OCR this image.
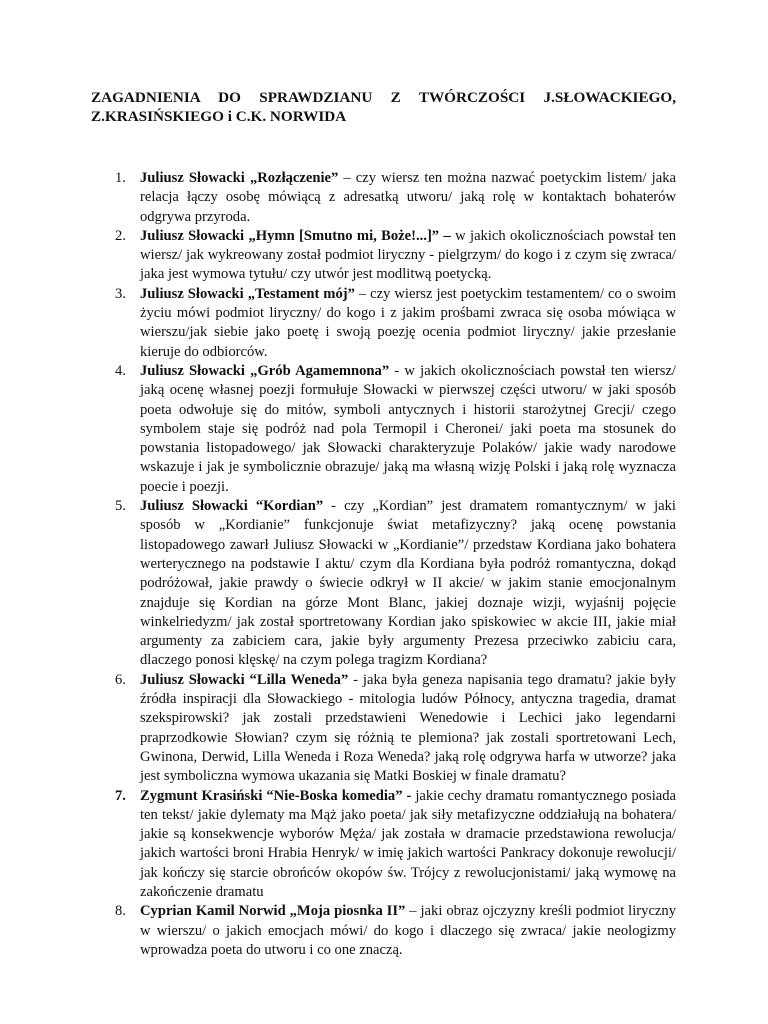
ZAGADNIENIA DO SPRAWDZIANU Z TWÓRCZOŚCI J.SŁOWACKIEGO,
Z.KRASIŃSKIEGO i C.K. NORWIDA
1. Juliusz Słowacki „Rozłączenie” – czy wiersz ten można nazwać poetyckim listem/ jaka relacja łączy osobę mówiącą z adresatką utworu/ jaką rolę w kontaktach bohaterów odgrywa przyroda.
2. Juliusz Słowacki „Hymn [Smutno mi, Boże!...]” – w jakich okolicznościach powstał ten wiersz/ jak wykreowany został podmiot liryczny - pielgrzym/ do kogo i z czym się zwraca/ jaka jest wymowa tytułu/ czy utwór jest modlitwą poetycką.
3. Juliusz Słowacki „Testament mój” – czy wiersz jest poetyckim testamentem/ co o swoim życiu mówi podmiot liryczny/ do kogo i z jakim prośbami zwraca się osoba mówiąca w wierszu/jak siebie jako poetę i swoją poezję ocenia podmiot liryczny/ jakie przesłanie kieruje do odbiorców.
4. Juliusz Słowacki „Grób Agamemnona” - w jakich okolicznościach powstał ten wiersz/ jaką ocenę własnej poezji formułuje Słowacki w pierwszej części utworu/ w jaki sposób poeta odwołuje się do mitów, symboli antycznych i historii starożytnej Grecji/ czego symbolem staje się podróż nad pola Termopil i Cheronei/ jaki poeta ma stosunek do powstania listopadowego/ jak Słowacki charakteryzuje Polaków/ jakie wady narodowe wskazuje i jak je symbolicznie obrazuje/ jaką ma własną wizję Polski i jaką rolę wyznacza poecie i poezji.
5. Juliusz Słowacki “Kordian” - czy „Kordian” jest dramatem romantycznym/ w jaki sposób w „Kordianie” funkcjonuje świat metafizyczny? jaką ocenę powstania listopadowego zawarł Juliusz Słowacki w „Kordianie”/ przedstaw Kordiana jako bohatera werterycznego na podstawie I aktu/ czym dla Kordiana była podróż romantyczna, dokąd podróżował, jakie prawdy o świecie odkrył w II akcie/ w jakim stanie emocjonalnym znajduje się Kordian na górze Mont Blanc, jakiej doznaje wizji, wyjaśnij pojęcie winkelriedyzm/ jak został sportretowany Kordian jako spiskowiec w akcie III, jakie miał argumenty za zabiciem cara, jakie były argumenty Prezesa przeciwko zabiciu cara, dlaczego ponosi klęskę/ na czym polega tragizm Kordiana?
6. Juliusz Słowacki “Lilla Weneda” - jaka była geneza napisania tego dramatu? jakie były źródła inspiracji dla Słowackiego - mitologia ludów Północy, antyczna tragedia, dramat szekspirowski? jak zostali przedstawieni Wenedowie i Lechici jako legendarni praprzodkowie Słowian? czym się różnią te plemiona? jak zostali sportretowani Lech, Gwinona, Derwid, Lilla Weneda i Roza Weneda? jaką rolę odgrywa harfa w utworze? jaka jest symboliczna wymowa ukazania się Matki Boskiej w finale dramatu?
7. Zygmunt Krasiński “Nie-Boska komedia” - jakie cechy dramatu romantycznego posiada ten tekst/ jakie dylematy ma Mąż jako poeta/ jak siły metafizyczne oddziałują na bohatera/ jakie są konsekwencje wyborów Męża/ jak została w dramacie przedstawiona rewolucja/ jakich wartości broni Hrabia Henryk/ w imię jakich wartości Pankracy dokonuje rewolucji/ jak kończy się starcie obrońców okopów św. Trójcy z rewolucjonistami/ jaką wymowę na zakończenie dramatu
8. Cyprian Kamil Norwid „Moja piosnka II” – jaki obraz ojczyzny kreśli podmiot liryczny w wierszu/ o jakich emocjach mówi/ do kogo i dlaczego się zwraca/ jakie neologizmy wprowadza poeta do utworu i co one znaczą.
